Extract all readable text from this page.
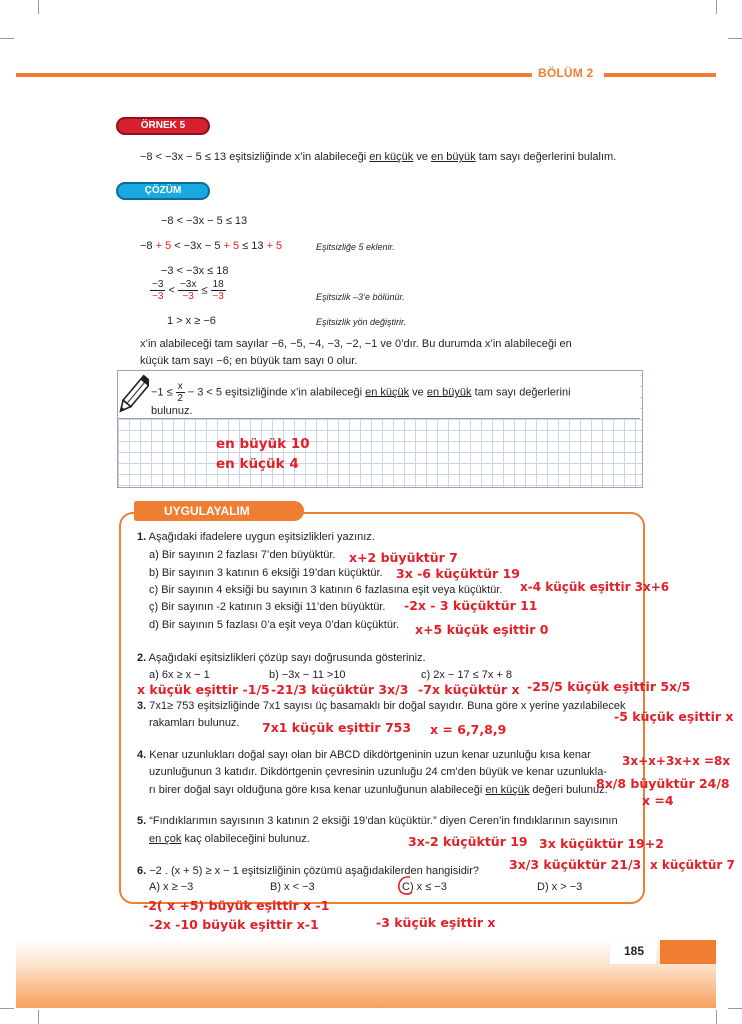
BÖLÜM 2
ÖRNEK 5
−8 < −3x − 5 ≤ 13 eşitsizliğinde x’in alabileceği en küçük ve en büyük tam sayı değerlerini bulalım.
ÇÖZÜM
−8 < −3x − 5 ≤ 13
−8 + 5 < −3x − 5 + 5 ≤ 13 + 5	Eşitsizliğe 5 eklenir.
−3 < −3x ≤ 18
$\frac{-3}{-3} < \frac{-3x}{-3} \le \frac{18}{-3}$	Eşitsizlik –3’e bölünür.
1 > x ≥ −6	Eşitsizlik yön değiştirir.
x’in alabileceği tam sayılar −6, −5, −4, −3, −2, −1 ve 0’dır. Bu durumda x’in alabileceği en
küçük tam sayı −6; en büyük tam sayı 0 olur.
$-1 \le \frac{x}{2} - 3 < 5$ eşitsizliğinde x’in alabileceği en küçük ve en büyük tam sayı değerlerini
bulunuz.
UYGULAYALIM
1. Aşağıdaki ifadelere uygun eşitsizlikleri yazınız.
a) Bir sayının 2 fazlası 7’den büyüktür.
b) Bir sayının 3 katının 6 eksiği 19’dan küçüktür.
c) Bir sayının 4 eksiği bu sayının 3 katının 6 fazlasına eşit veya küçüktür.
ç) Bir sayının -2 katının 3 eksiği 11’den büyüktür.
d) Bir sayının 5 fazlası 0’a eşit veya 0’dan küçüktür.
2. Aşağıdaki eşitsizlikleri çözüp sayı doğrusunda gösteriniz.
a) 6x ≥ x − 1	b) −3x − 11 >10	c) 2x − 17 ≤ 7x + 8
3. 7x1≥ 753 eşitsizliğinde 7x1 sayısı üç basamaklı bir doğal sayıdır. Buna göre x yerine yazılabilecek
rakamları bulunuz.
4. Kenar uzunlukları doğal sayı olan bir ABCD dikdörtgeninin uzun kenar uzunluğu kısa kenar
uzunluğunun 3 katıdır. Dikdörtgenin çevresinin uzunluğu 24 cm’den büyük ve kenar uzunlukla-
rı birer doğal sayı olduğuna göre kısa kenar uzunluğunun alabileceği en küçük değeri bulunuz.
5. “Fındıklarımın sayısının 3 katının 2 eksiği 19’dan küçüktür.” diyen Ceren’in fındıklarının sayısının
en çok kaç olabileceğini bulunuz.
6. −2 . (x + 5) ≥ x − 1 eşitsizliğinin çözümü aşağıdakilerden hangisidir?
A) x ≥ −3	B) x < −3	C) x ≤ −3	D) x > −3
en büyük 10
en küçük 4
x+2 büyüktür 7
3x -6 küçüktür 19
x-4 küçük eşittir 3x+6
-2x - 3 küçüktür 11
x+5 küçük eşittir 0
x küçük eşittir -1/5 -21/3 küçüktür 3x/3 -7x küçüktür x -25/5 küçük eşittir 5x/5
-5 küçük eşittir x
7x1 küçük eşittir 753 x = 6,7,8,9
3x+x+3x+x =8x
8x/8 büyüktür 24/8
x =4
3x-2 küçüktür 19 3x küçüktür 19+2
3x/3 küçüktür 21/3 x küçüktür 7
-2( x +5) büyük eşittir x -1
-3 küçük eşittir x
-2x -10 büyük eşittir x-1
185
